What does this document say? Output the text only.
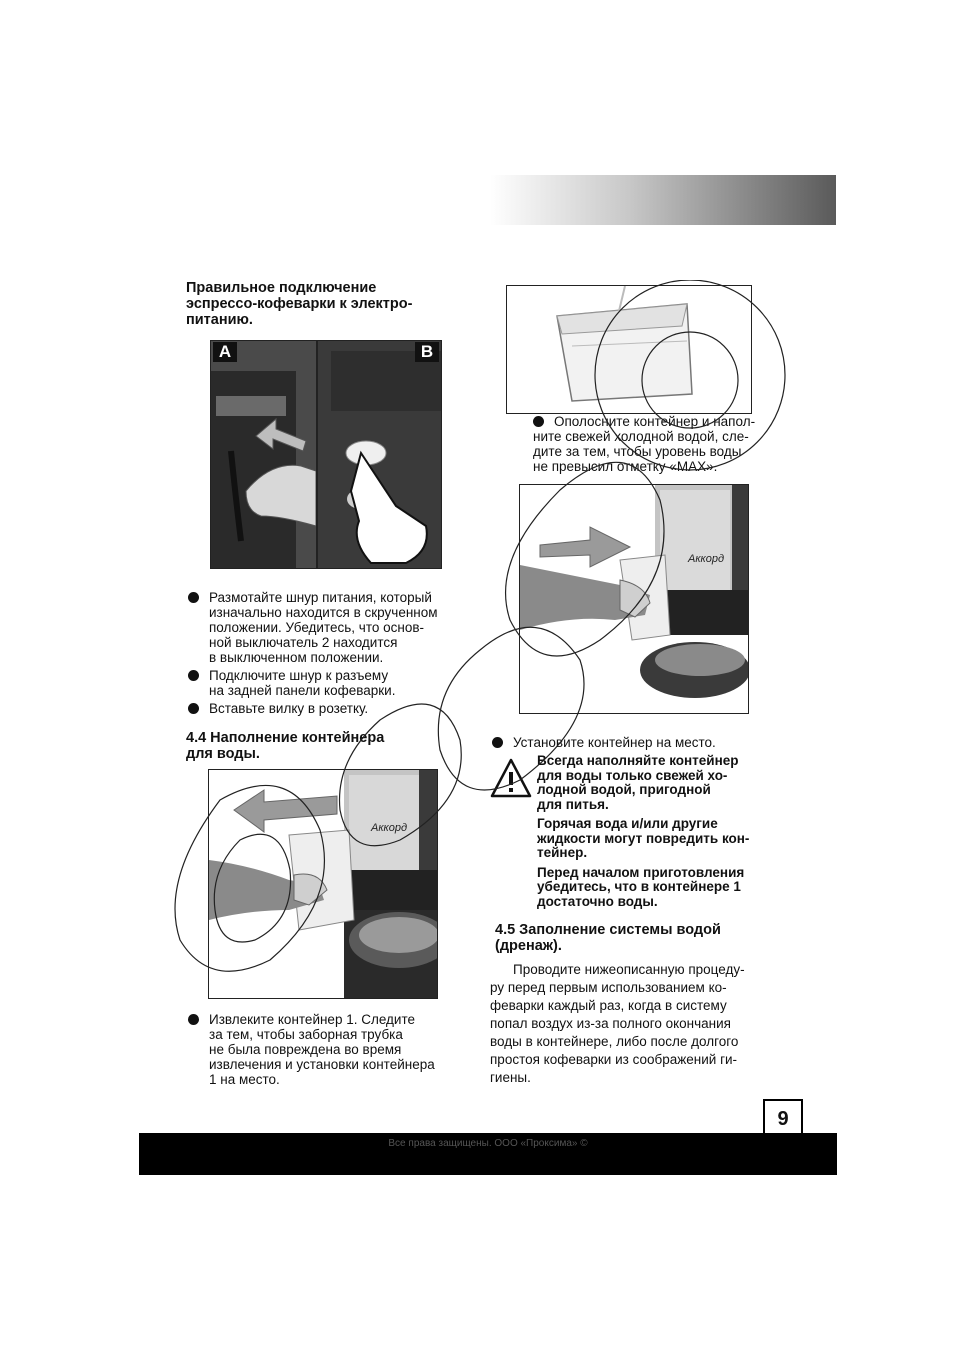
Правильное подключение
эспрессо-кофеварки к электро-
питанию.
A	B
Размотайте шнур питания, который
изначально находится в скрученном
положении. Убедитесь, что основ-
ной выключатель 2 находится
в выключенном положении.
Подключите шнур к разъему
на задней панели кофеварки.
Вставьте вилку в розетку.
4.4 Наполнение контейнера
для воды.
Аккорд
Извлеките контейнер 1. Следите
за тем, чтобы заборная трубка
не была повреждена во время
извлечения и установки контейнера
1 на место.
Ополосните контейнер и напол-
ните свежей холодной водой, сле-
дите за тем, чтобы уровень воды
не превысил отметку «MAX».
Аккорд
Установите контейнер на место.
Всегда наполняйте контейнер
для воды только свежей хо-
лодной водой, пригодной
для питья.
Горячая вода и/или другие
жидкости могут повредить кон-
тейнер.
Перед началом приготовления
убедитесь, что в контейнере 1
достаточно воды.
4.5 Заполнение системы водой
(дренаж).
Проводите нижеописанную процеду-
ру перед первым использованием ко-
феварки каждый раз, когда в систему
попал воздух из-за полного окончания
воды в контейнере, либо после долгого
простоя кофеварки из соображений ги-
гиены.
9
Все права защищены. ООО «Проксима» ©
